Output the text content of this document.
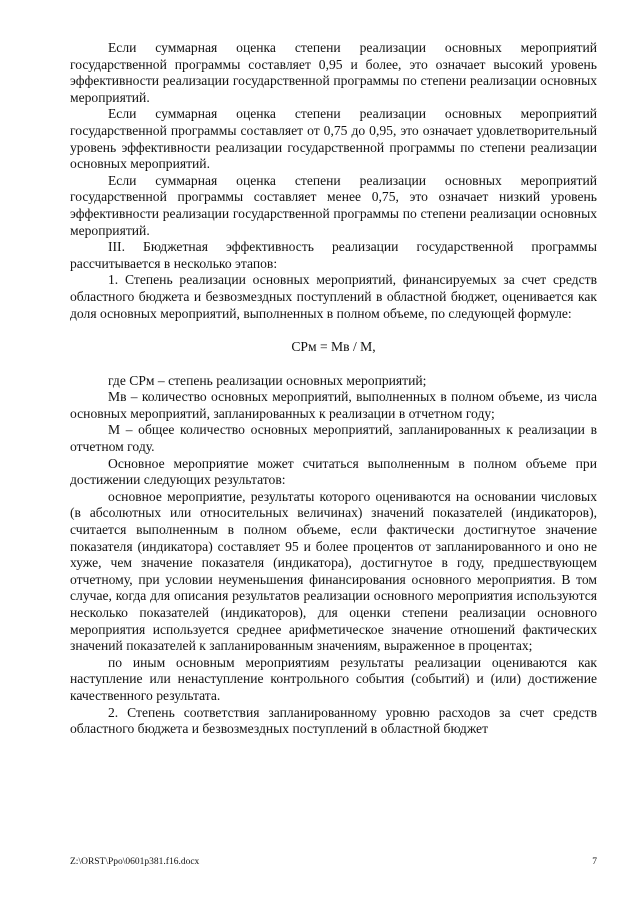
Если суммарная оценка степени реализации основных мероприятий государственной программы составляет 0,95 и более, это означает высокий уровень эффективности реализации государственной программы по степени реализации основных мероприятий.

Если суммарная оценка степени реализации основных мероприятий государственной программы составляет от 0,75 до 0,95, это означает удовлетворительный уровень эффективности реализации государственной программы по степени реализации основных мероприятий.

Если суммарная оценка степени реализации основных мероприятий государственной программы составляет менее 0,75, это означает низкий уровень эффективности реализации государственной программы по степени реализации основных мероприятий.

III. Бюджетная эффективность реализации государственной программы рассчитывается в несколько этапов:

1. Степень реализации основных мероприятий, финансируемых за счет средств областного бюджета и безвозмездных поступлений в областной бюджет, оценивается как доля основных мероприятий, выполненных в полном объеме, по следующей формуле:

СРм = Мв / М,

где СРм – степень реализации основных мероприятий;

Мв – количество основных мероприятий, выполненных в полном объеме, из числа основных мероприятий, запланированных к реализации в отчетном году;

М – общее количество основных мероприятий, запланированных к реализации в отчетном году.

Основное мероприятие может считаться выполненным в полном объеме при достижении следующих результатов:

основное мероприятие, результаты которого оцениваются на основании числовых (в абсолютных или относительных величинах) значений показателей (индикаторов), считается выполненным в полном объеме, если фактически достигнутое значение показателя (индикатора) составляет 95 и более процентов от запланированного и оно не хуже, чем значение показателя (индикатора), достигнутое в году, предшествующем отчетному, при условии неуменьшения финансирования основного мероприятия. В том случае, когда для описания результатов реализации основного мероприятия используются несколько показателей (индикаторов), для оценки степени реализации основного мероприятия используется среднее арифметическое значение отношений фактических значений показателей к запланированным значениям, выраженное в процентах;

по иным основным мероприятиям результаты реализации оцениваются как наступление или ненаступление контрольного события (событий) и (или) достижение качественного результата.

2. Степень соответствия запланированному уровню расходов за счет средств областного бюджета и безвозмездных поступлений в областной бюджет

Z:\ORST\Ppo\0601p381.f16.docx	7
